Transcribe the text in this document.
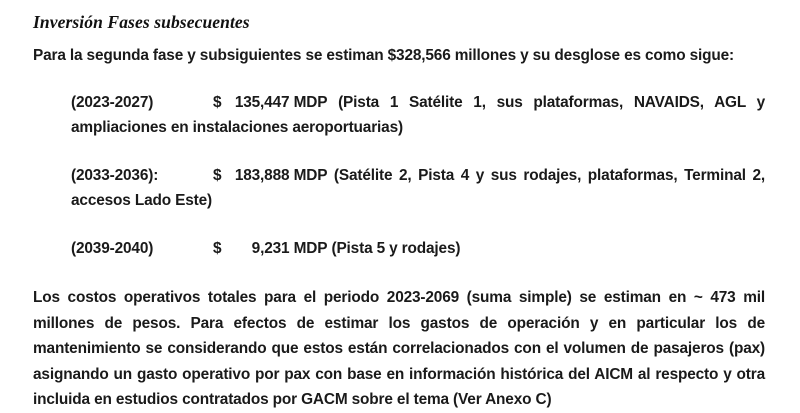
Inversión Fases subsecuentes

Para la segunda fase y subsiguientes se estiman $328,566 millones y su desglose es como sigue:

(2023-2027)	$ 135,447 MDP (Pista 1 Satélite 1, sus plataformas, NAVAIDS, AGL y ampliaciones en instalaciones aeroportuarias)
(2033-2036):	$ 183,888 MDP (Satélite 2, Pista 4 y sus rodajes, plataformas, Terminal 2, accesos Lado Este)
(2039-2040)	$ 9,231 MDP (Pista 5 y rodajes)

Los costos operativos totales para el periodo 2023-2069 (suma simple) se estiman en ~ 473 mil millones de pesos. Para efectos de estimar los gastos de operación y en particular los de mantenimiento se considerando que estos están correlacionados con el volumen de pasajeros (pax) asignando un gasto operativo por pax con base en información histórica del AICM al respecto y otra incluida en estudios contratados por GACM sobre el tema (Ver Anexo C)
